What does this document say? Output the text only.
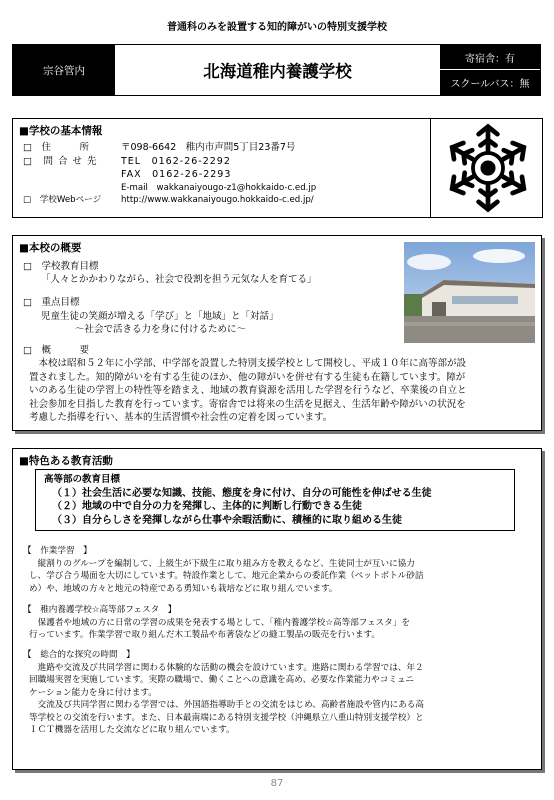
普通科のみを設置する知的障がいの特別支援学校
宗谷管内	北海道稚内養護学校
寄宿舎：有
スクールバス：無
■学校の基本情報
□　住　　　所	〒098-6642　稚内市声問5丁目23番7号
□　問 合 せ 先	TEL　0162-26-2292
FAX　0162-26-2293
E-mail　wakkanaiyougo-z1@hokkaido-c.ed.jp
□　学校Webページ	http://www.wakkanaiyougo.hokkaido-c.ed.jp/
■本校の概要
□　学校教育目標
「人々とかかわりながら、社会で役割を担う元気な人を育てる」
□　重点目標
児童生徒の笑顔が増える「学び」と「地域」と「対話」
～社会で活きる力を身に付けるために～
□　概　　　要
　本校は昭和５２年に小学部、中学部を設置した特別支援学校として開校し、平成１０年に高等部が設
置されました。知的障がいを有する生徒のほか、他の障がいを併せ有する生徒も在籍しています。障が
いのある生徒の学習上の特性等を踏まえ、地域の教育資源を活用した学習を行うなど、卒業後の自立と
社会参加を目指した教育を行っています。寄宿舎では将来の生活を見据え、生活年齢や障がいの状況を
考慮した指導を行い、基本的生活習慣や社会性の定着を図っています。
■特色ある教育活動
高等部の教育目標
（１）社会生活に必要な知識、技能、態度を身に付け、自分の可能性を伸ばせる生徒
（２）地域の中で自分の力を発揮し、主体的に判断し行動できる生徒
（３）自分らしさを発揮しながら仕事や余暇活動に、積極的に取り組める生徒
【　作業学習　】
　縦割りのグループを編制して、上級生が下級生に取り組み方を教えるなど、生徒同士が互いに協力
し、学び合う場面を大切にしています。特設作業として、地元企業からの委託作業（ペットボトル砂詰
め）や、地域の方々と地元の特産である勇知いも栽培などに取り組んでいます。
【　稚内養護学校☆高等部フェスタ　】
　保護者や地域の方に日常の学習の成果を発表する場として、「稚内養護学校☆高等部フェスタ」を
行っています。作業学習で取り組んだ木工製品や布著袋などの縫工製品の販売を行います。
【　総合的な探究の時間　】
　進路や交流及び共同学習に関わる体験的な活動の機会を設けています。進路に関わる学習では、年２
回職場実習を実施しています。実際の職場で、働くことへの意識を高め、必要な作業能力やコミュニ
ケーション能力を身に付けます。
　交流及び共同学習に関わる学習では、外国語指導助手との交流をはじめ、高齢者施設や管内にある高
等学校との交流を行います。また、日本最南端にある特別支援学校（沖縄県立八重山特別支援学校）と
ＩＣＴ機器を活用した交流などに取り組んでいます。
87
